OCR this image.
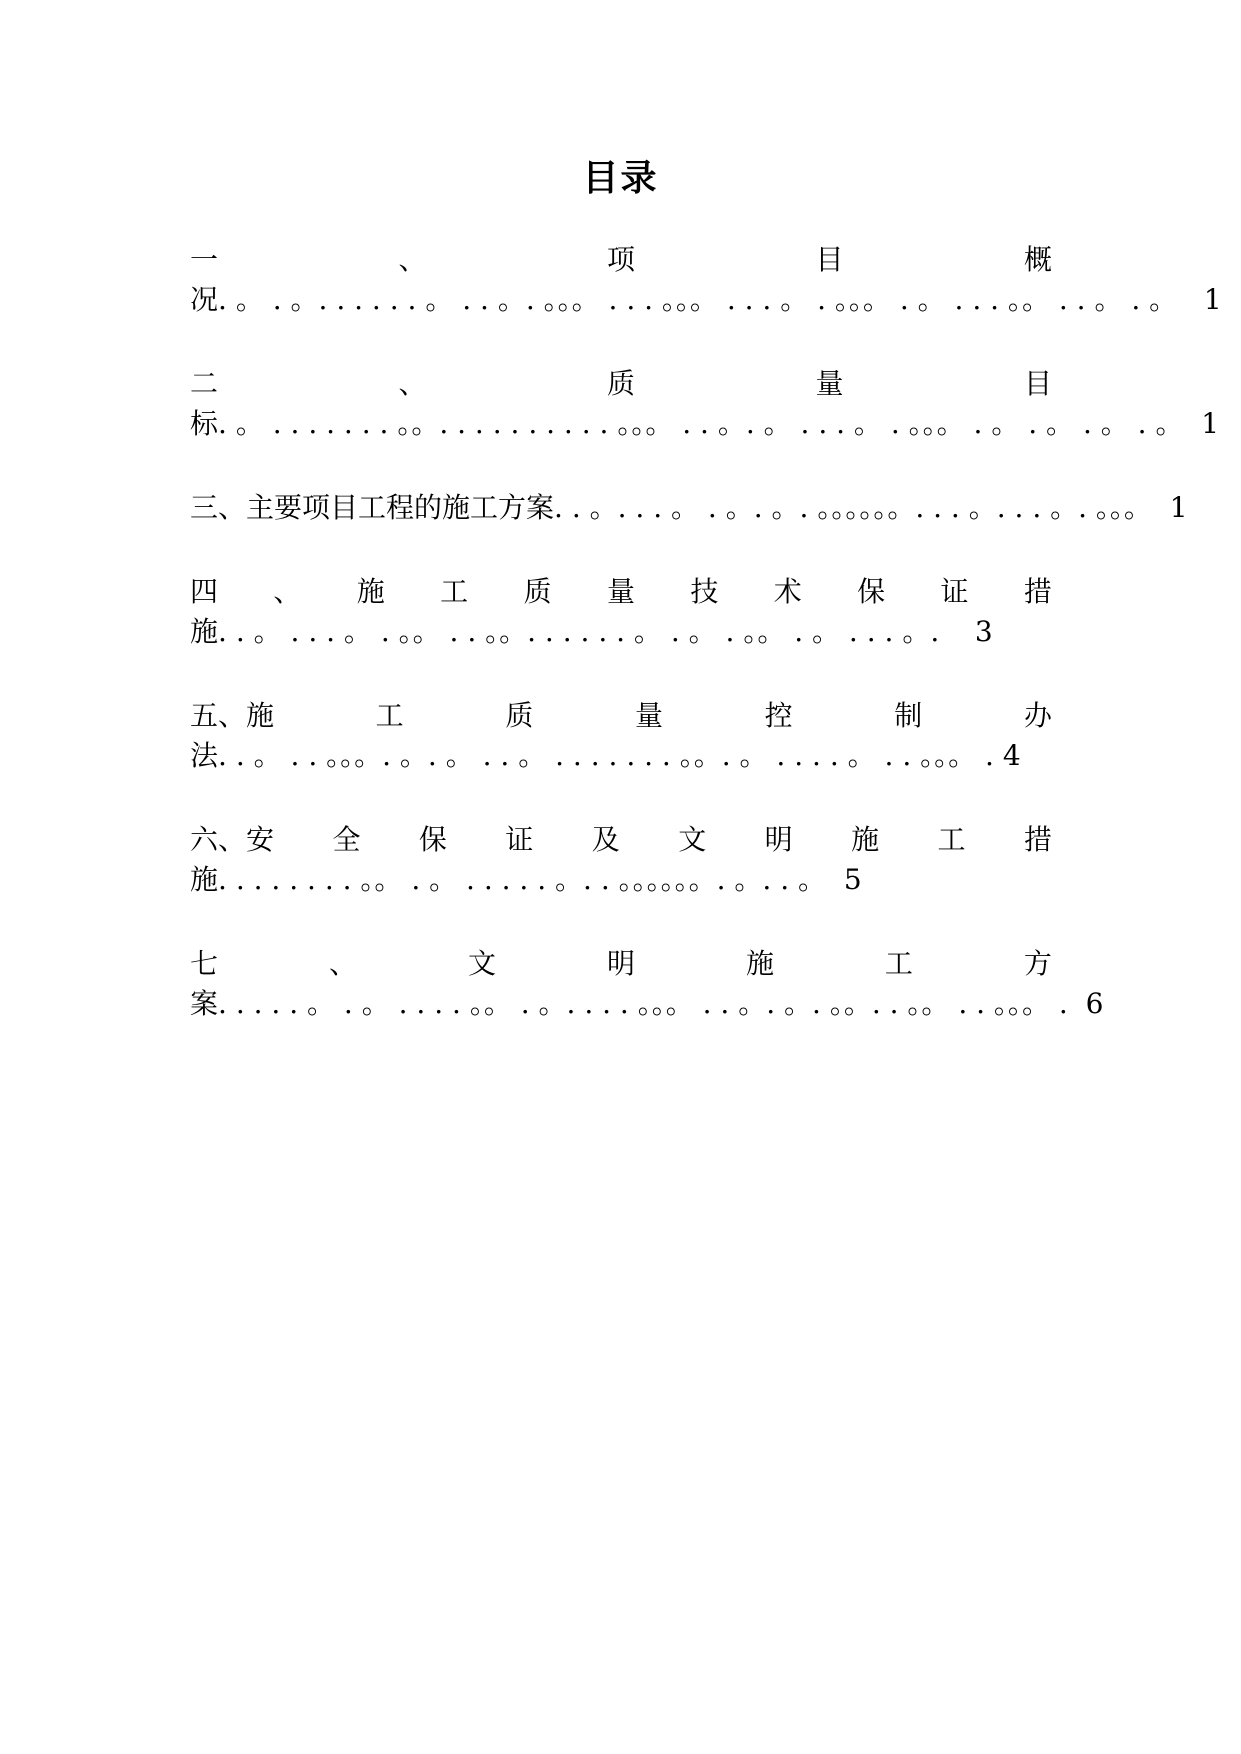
目录
一	、	项	目	概
况. 。 . 。. . . . . . 。 . . 。. 。。。 . . . 。。。 . . . 。 . 。。。 . 。 . . . 。。 . . 。 . 。 1
二	、	质	量	目
标. 。 . . . . . . . 。。. . . . . . . . . . 。。。 . . 。. 。 . . . 。 . 。。。 . 。 . 。 . 。 . 。 1
三、主要项目工程的施工方案. . 。. . . 。 . 。. 。. 。。。。。。. . . 。. . . 。. 。。。 1
四 、 施 工 质 量 技 术 保 证 措
施. . 。 . . . 。 . 。。 . . 。。. . . . . . 。 . 。 . 。。 . 。 . . . 。. 3
五、施	工	质	量	控	制	办
法. . 。 . . 。。。. 。. 。 . . 。 . . . . . . . 。。. 。 . . . . 。 . . 。。。 . 4
六、安 全 保 证 及 文 明 施 工 措
施. . . . . . . . 。。 . 。 . . . . . 。. . 。。。。。。. 。. . 。 5
七	、	文	明	施	工	方
案. . . . . 。 . 。 . . . . 。。 . 。. . . . 。。。 . . 。. 。. 。。. . 。。 . . 。。。 . 6
